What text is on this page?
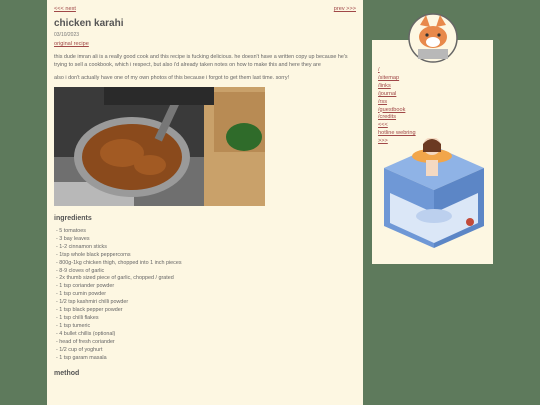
<<< next	prev >>>
chicken karahi
03/10/2023
original recipe

this dude imran ali is a really good cook and this recipe is fucking delicious. he doesn't have a written copy up because he's trying to sell a cookbook, which i respect, but also i'd already taken notes on how to make this and here they are

also i don't actually have one of my own photos of this because i forgot to get them last time. sorry!

ingredients
- 5 tomatoes
- 3 bay leaves
- 1-2 cinnamon sticks
- 1tsp whole black peppercorns
- 800g-1kg chicken thigh, chopped into 1 inch pieces
- 8-9 cloves of garlic
- 2x thumb sized piece of garlic, chopped / grated
- 1 tsp coriander powder
- 1 tsp cumin powder
- 1/2 tsp kashmiri chilli powder
- 1 tsp black pepper powder
- 1 tsp chilli flakes
- 1 tsp tumeric
- 4 bullet chillis (optional)
- head of fresh coriander
- 1/2 cup of yoghurt
- 1 tsp garam masala
method
/
/sitemap
/links
/journal
/rss
/guestbook
/credits
<<<
hotline webring
>>>
